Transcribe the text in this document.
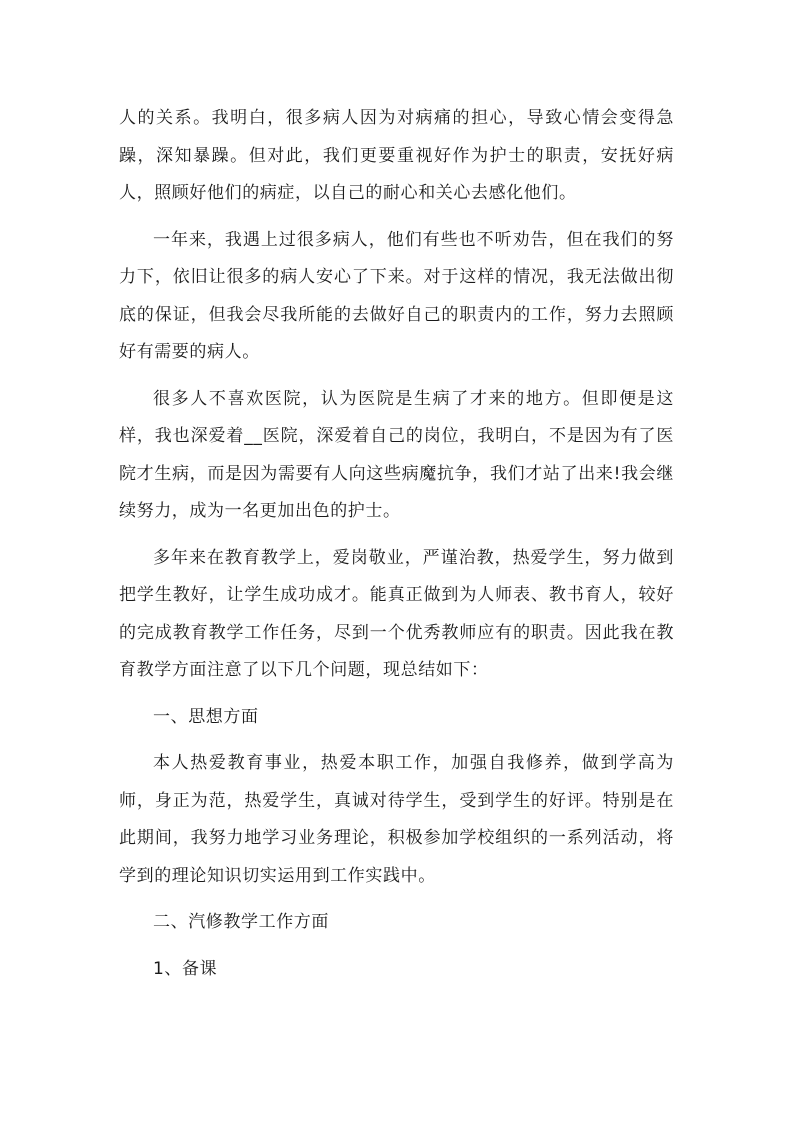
人的关系。我明白，很多病人因为对病痛的担心，导致心情会变得急躁，深知暴躁。但对此，我们更要重视好作为护士的职责，安抚好病人，照顾好他们的病症，以自己的耐心和关心去感化他们。

一年来，我遇上过很多病人，他们有些也不听劝告，但在我们的努力下，依旧让很多的病人安心了下来。对于这样的情况，我无法做出彻底的保证，但我会尽我所能的去做好自己的职责内的工作，努力去照顾好有需要的病人。

很多人不喜欢医院，认为医院是生病了才来的地方。但即便是这样，我也深爱着__医院，深爱着自己的岗位，我明白，不是因为有了医院才生病，而是因为需要有人向这些病魔抗争，我们才站了出来!我会继续努力，成为一名更加出色的护士。

多年来在教育教学上，爱岗敬业，严谨治教，热爱学生，努力做到把学生教好，让学生成功成才。能真正做到为人师表、教书育人，较好的完成教育教学工作任务，尽到一个优秀教师应有的职责。因此我在教育教学方面注意了以下几个问题，现总结如下：

一、思想方面

本人热爱教育事业，热爱本职工作，加强自我修养，做到学高为师，身正为范，热爱学生，真诚对待学生，受到学生的好评。特别是在此期间，我努力地学习业务理论，积极参加学校组织的一系列活动，将学到的理论知识切实运用到工作实践中。

二、汽修教学工作方面

1、备课
